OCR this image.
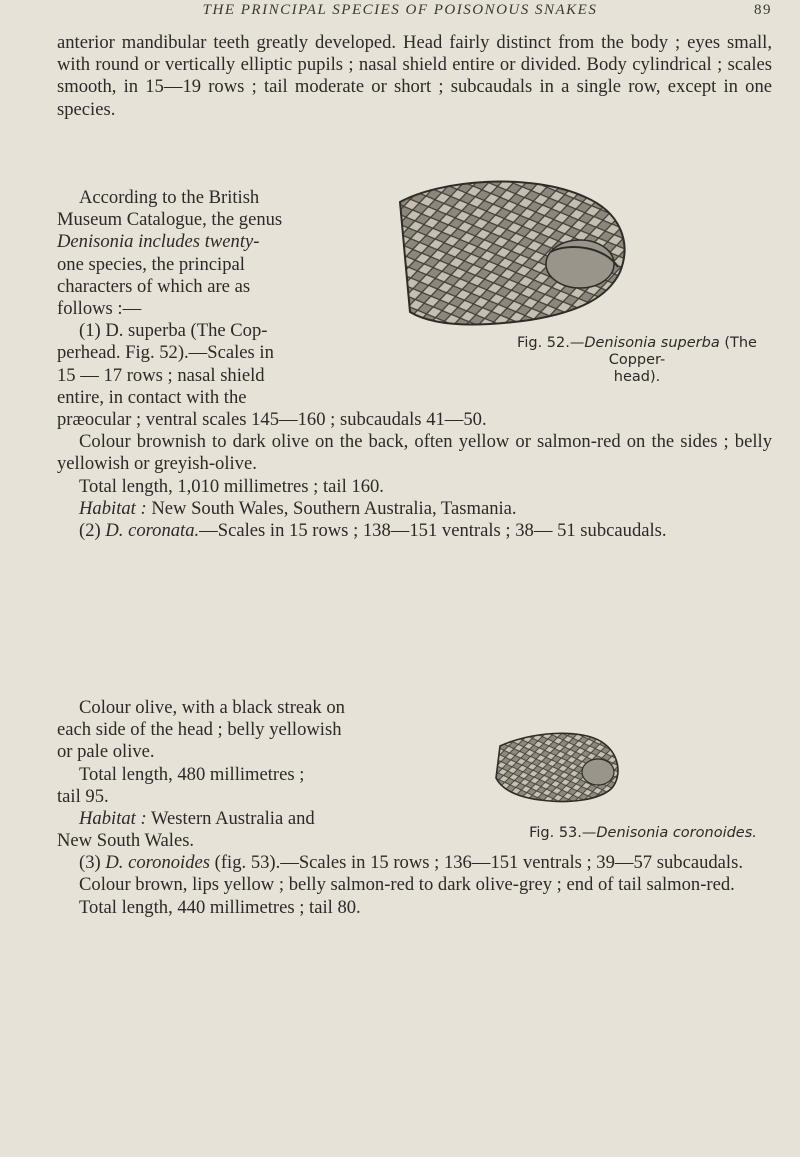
THE PRINCIPAL SPECIES OF POISONOUS SNAKES	89

anterior mandibular teeth greatly developed. Head fairly distinct from the body ; eyes small, with round or vertically elliptic pupils ; nasal shield entire or divided. Body cylindrical ; scales smooth, in 15—19 rows ; tail moderate or short ; subcaudals in a single row, except in one species.

According to the British
Museum Catalogue, the genus
Denisonia includes twenty-
one species, the principal
characters of which are as
follows :—
(1) D. superba (The Cop-
perhead. Fig. 52).—Scales in
15 — 17 rows ; nasal shield
entire, in contact with the
Fig. 52.—Denisonia superba (The Copper-
head).

præocular ; ventral scales 145—160 ; subcaudals 41—50.

Colour brownish to dark olive on the back, often yellow or salmon-red on the sides ; belly yellowish or greyish-olive.

Total length, 1,010 millimetres ; tail 160.

Habitat : New South Wales, Southern Australia, Tasmania.

(2) D. coronata.—Scales in 15 rows ; 138—151 ventrals ; 38— 51 subcaudals.

Colour olive, with a black streak on
each side of the head ; belly yellowish
or pale olive.
Total length, 480 millimetres ;
tail 95.
Habitat : Western Australia and
Fig. 53.—Denisonia coronoides.

New South Wales.

(3) D. coronoides (fig. 53).—Scales in 15 rows ; 136—151 ventrals ; 39—57 subcaudals.

Colour brown, lips yellow ; belly salmon-red to dark olive-grey ; end of tail salmon-red.

Total length, 440 millimetres ; tail 80.
